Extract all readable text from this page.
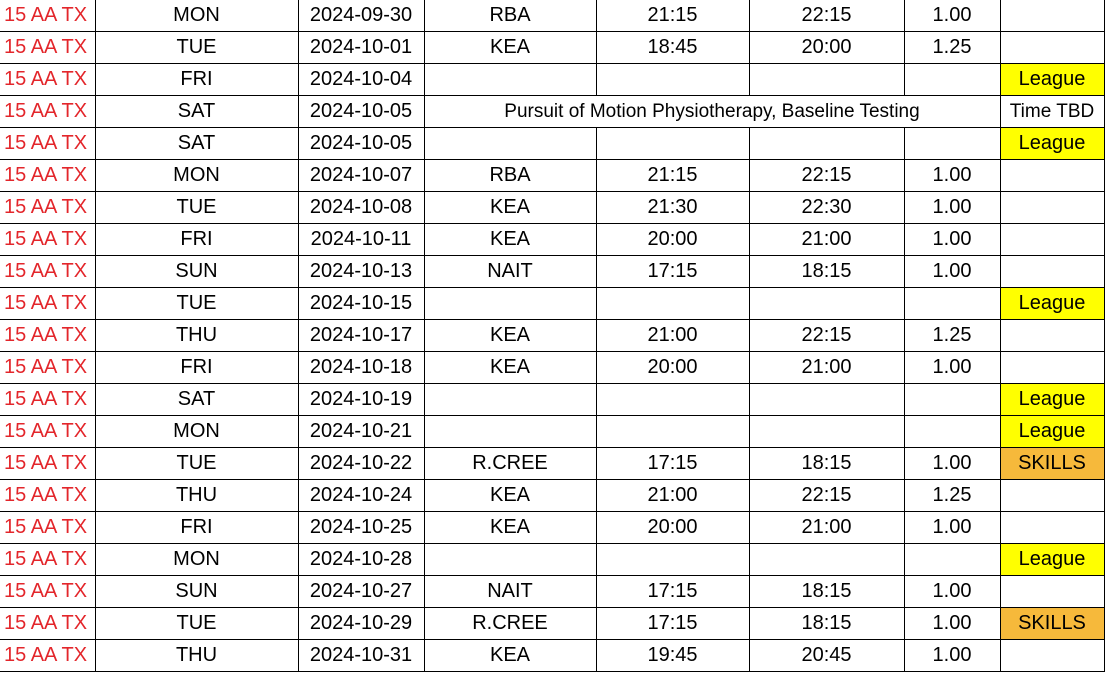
15 AA TX	MON	2024-09-30	RBA	21:15	22:15	1.00	
15 AA TX	TUE	2024-10-01	KEA	18:45	20:00	1.25	
15 AA TX	FRI	2024-10-04					League
15 AA TX	SAT	2024-10-05	Pursuit of Motion Physiotherapy, Baseline Testing				Time TBD
15 AA TX	SAT	2024-10-05					League
15 AA TX	MON	2024-10-07	RBA	21:15	22:15	1.00	
15 AA TX	TUE	2024-10-08	KEA	21:30	22:30	1.00	
15 AA TX	FRI	2024-10-11	KEA	20:00	21:00	1.00	
15 AA TX	SUN	2024-10-13	NAIT	17:15	18:15	1.00	
15 AA TX	TUE	2024-10-15					League
15 AA TX	THU	2024-10-17	KEA	21:00	22:15	1.25	
15 AA TX	FRI	2024-10-18	KEA	20:00	21:00	1.00	
15 AA TX	SAT	2024-10-19					League
15 AA TX	MON	2024-10-21					League
15 AA TX	TUE	2024-10-22	R.CREE	17:15	18:15	1.00	SKILLS
15 AA TX	THU	2024-10-24	KEA	21:00	22:15	1.25	
15 AA TX	FRI	2024-10-25	KEA	20:00	21:00	1.00	
15 AA TX	MON	2024-10-28					League
15 AA TX	SUN	2024-10-27	NAIT	17:15	18:15	1.00	
15 AA TX	TUE	2024-10-29	R.CREE	17:15	18:15	1.00	SKILLS
15 AA TX	THU	2024-10-31	KEA	19:45	20:45	1.00	
